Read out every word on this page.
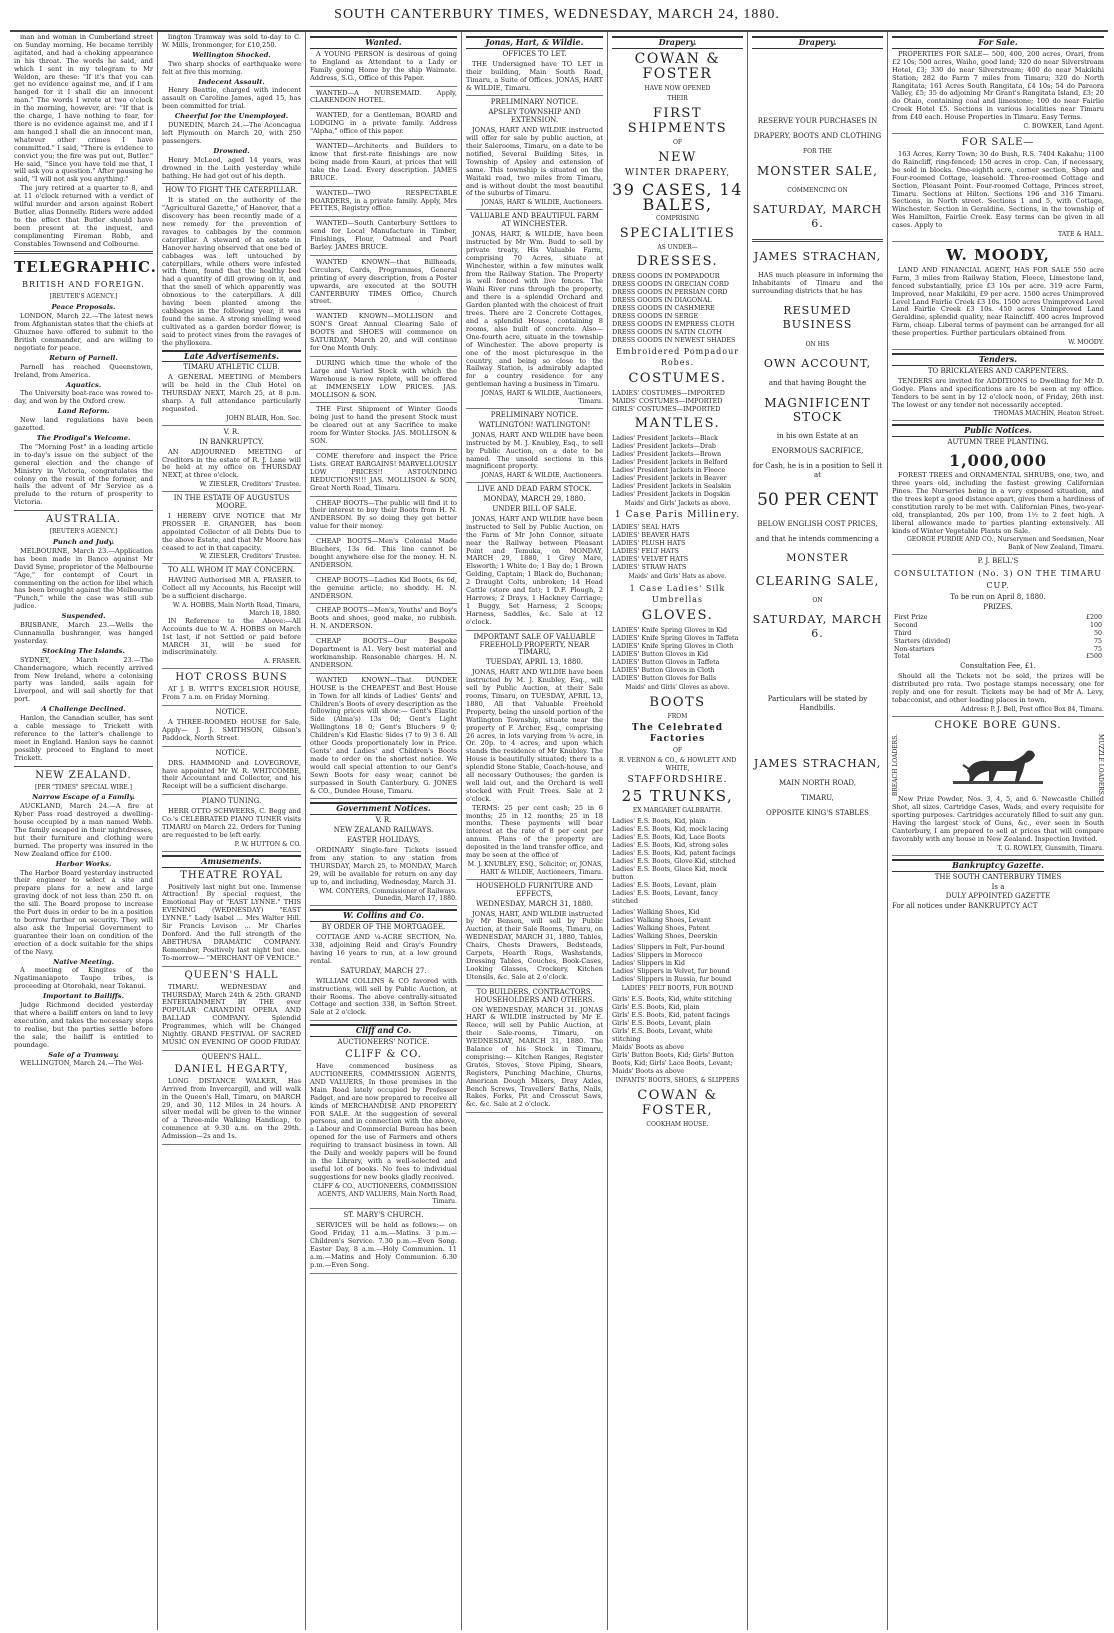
SOUTH CANTERBURY TIMES, WEDNESDAY, MARCH 24, 1880.

man and woman in Cumberland street on Sunday morning. He became terribly agitated, and had a choking appearance in his throat. The words he said, and which I sent in my telegram to Mr Weldon, are these: "If it's that you can get no evidence against me, and if I am hanged for it I shall die an innocent man." The words I wrote at two o'clock in the morning, however, are: "If that is the charge, I have nothing to fear, for there is no evidence against me, and if I am hanged I shall die an innocent man, whatever other crimes I have committed." I said, "There is evidence to convict you; the fire was put out, Butler." He said, "Since you have told me that, I will ask you a question." After pausing he said, "I will not ask you anything."

The jury retired at a quarter to 8, and at 11 o'clock returned with a verdict of wilful murder and arson against Robert Butler, alias Donnelly. Riders were added to the effect that Butler should have been present at the inquest, and complimenting Fireman Robb, and Constables Townsend and Colbourne.

TELEGRAPHIC.
BRITISH AND FOREIGN.
[REUTER'S AGENCY.]
Peace Proposals.

LONDON, March 22.—The latest news from Afghanistan states that the chiefs at Ghuznee have offered to submit to the British commander, and are willing to negotiate for peace.

Return of Parnell.

Parnell has reached Queenstown, Ireland, from America.

Aquatics.

The University boat-race was rowed to-day, and won by the Oxford crew.

Land Reform.

New land regulations have been gazetted.

The Prodigal's Welcome.

The "Morning Post" in a leading article in to-day's issue on the subject of the general election and the change of Ministry in Victoria, congratulates the colony on the result of the former, and hails the advent of Mr Service as a prelude to the return of prosperity to Victoria.

AUSTRALIA.
[REUTER'S AGENCY.]
Punch and Judy.

MELBOURNE, March 23.—Application has been made in Banco against Mr David Syme, proprietor of the Melbourne "Age," for contempt of Court in commenting on the action for libel which has been brought against the Melbourne "Punch," while the case was still sub judice.

Suspended.

BRISBANE, March 23.—Wells the Cunnamulla bushranger, was hanged yesterday.

Stocking The Islands.

SYDNEY, March 23.—The Chandernagore, which recently arrived from New Ireland, where a colonising party was landed, sails again for Liverpool, and will sail shortly for that port.

A Challenge Declined.

Hanlon, the Canadian sculler, has sent a cable message to Trickett with reference to the latter's challenge to meet in England. Hanlon says he cannot possibly proceed to England to meet Trickett.

NEW ZEALAND.
[PER "TIMES" SPECIAL WIRE.]
Narrow Escape of a Family.

AUCKLAND, March 24.—A fire at Kyber Pass road destroyed a dwelling-house occupied by a man named Webb. The family escaped in their nightdresses, but their furniture and clothing were burned. The property was insured in the New Zealand office for £100.

Harbor Works.

The Harbor Board yesterday instructed their engineer to select a site and prepare plans for a new and large graving dock of not less than 250 ft. on the sill. The Board propose to increase the Port dues in order to be in a position to borrow further on security. They will also ask the Imperial Government to guarantee their loan on condition of the erection of a dock suitable for the ships of the Navy.

Native Meeting.

A meeting of Kingites of the Ngatimaniapoto Taupo tribes, is proceeding at Otorohaki, near Tokanui.

Important to Bailiffs.

Judge Richmond decided yesterday that where a bailiff enters on land to levy execution, and takes the necessary steps to realise, but the parties settle before the sale, the bailiff is entitled to poundage.

Sale of a Tramway.

WELLINGTON, March 24.—The Wel-

lington Tramway was sold to-day to C. W. Mills, Ironmonger, for £10,250.

Wellington Shocked.

Two sharp shocks of earthquake were felt at five this morning.

Indecent Assault.

Henry Beattie, charged with indecent assault on Caroline James, aged 15, has been committed for trial.

Cheerful for the Unemployed.

DUNEDIN, March 24.—The Aconcagua left Plymouth on March 20, with 250 passengers.

Drowned.

Henry McLeod, aged 14 years, was drowned in the Leith yesterday while bathing. He had got out of his depth.

HOW TO FIGHT THE CATERPILLAR.

It is stated on the authority of the "Agricultural Gazette," of Hanover, that a discovery has been recently made of a new remedy for the prevention of ravages to cabbages by the common caterpillar. A steward of an estate in Hanover having observed that one bed of cabbages was left untouched by caterpillars, while others were infested with them, found that the healthy bed had a quantity of dill growing on it, and that the smell of which apparently was obnoxious to the caterpillars. A dill having been planted among the cabbages in the following year, it was found the same. A strong smelling weed cultivated as a garden border flower, is said to protect vines from the ravages of the phylloxera.

Late Advertisements.
TIMARU ATHLETIC CLUB.

A GENERAL MEETING of Members will be held in the Club Hotel on THURSDAY NEXT, March 25, at 8 p.m. sharp. A full attendance particularly requested.

JOHN BLAIR, Hon. Sec.
V. R.
IN BANKRUPTCY.

AN ADJOURNED MEETING of Creditors in the estate of R. J. Lane will be held at my office on THURSDAY NEXT, at three o'clock.

W. ZIESLER, Creditors' Trustee.
IN THE ESTATE OF AUGUSTUS MOORE.

I HEREBY GIVE NOTICE that Mr PROSSER E. GRANGER, has been appointed Collector of all Debts Due to the above Estate, and that Mr Moore has ceased to act in that capacity.

W. ZIESLER, Creditors' Trustee.
TO ALL WHOM IT MAY CONCERN.

HAVING Authorised MR A. FRASER to Collect all my Accounts, his Receipt will be a sufficient discharge.

W. A. HOBBS, Main North Road, Timaru, March 18, 1880.

IN Reference to the Above:—All Accounts due to W. A. HOBBS on March 1st last, if not Settled or paid before MARCH 31, will be sued for indiscriminately.

A. FRASER.
HOT CROSS BUNS

AT J. B. WITT'S EXCELSIOR HOUSE, From 7 a.m. on Friday Morning.

NOTICE.

A THREE-ROOMED HOUSE for Sale, Apply— J. J. SMITHSON, Gibson's Paddock, North Street.

NOTICE.

DRS. HAMMOND and LOVEGROVE, have appointed Mr W. R. WHITCOMBE, their Accountant and Collector, and his Receipt will be a sufficient discharge.

PIANO TUNING.

HERR OTTO SCHWEERS, C. Begg and Co.'s CELEBRATED PIANO TUNER visits TIMARU on March 22. Orders for Tuning are requested to be left early.

P. W. HUTTON & CO.
Amusements.
THEATRE ROYAL

Positively last night but one. Immense Attraction! By special request, the Emotional Play of "EAST LYNNE." THIS EVENING (WEDNESDAY) "EAST LYNNE." Lady Isabel ... Mrs Walter Hill. Sir Francis Levison ... Mr Charles Donford. And the full strength of the ABETHUSA DRAMATIC COMPANY. Remember, Positively last night but one. To-morrow— "MERCHANT OF VENICE."

QUEEN'S HALL

TIMARU. WEDNESDAY and THURSDAY, March 24th & 25th. GRAND ENTERTAINMENT BY THE ever POPULAR CARANDINI OPERA AND BALLAD COMPANY. Splendid Programmes, which will be Changed Nightly. GRAND FESTIVAL OF SACRED MUSIC ON EVENING OF GOOD FRIDAY.

QUEEN'S HALL.
DANIEL HEGARTY,

LONG DISTANCE WALKER, Has Arrived from Invercargill, and will walk in the Queen's Hall, Timaru, on MARCH 29, and 30, 112 Miles in 24 hours. A silver medal will be given to the winner of a Three-mile Walking Handicap, to commence at 9.30 a.m. on the 29th. Admission—2s and 1s.

Wanted.

A YOUNG PERSON is desirous of going to England as Attendant to a Lady or Family going Home by the ship Waimate. Address, S.G., Office of this Paper.

WANTED—A NURSEMAID. Apply, CLARENDON HOTEL.

WANTED, for a Gentleman, BOARD and LODGING in a private family. Address "Alpha," office of this paper.

WANTED—Architects and Builders to know that first-rate finishings are now being made from Kauri, at prices that will take the Lead. Every description. JAMES BRUCE.

WANTED—TWO RESPECTABLE BOARDERS, in a private family. Apply, Mrs FETTES, Registry office.

WANTED—South Canterbury Settlers to send for Local Manufacture in Timber, Finishings, Flour, Oatmeal and Pearl Barley. JAMES BRUCE.

WANTED KNOWN—that Billheads, Circulars, Cards, Programmes, General printing of every description, from a Poster upwards, are executed at the SOUTH CANTERBURY TIMES Office, Church street.

WANTED KNOWN—MOLLISON and SON'S Great Annual Clearing Sale of BOOTS and SHOES will commence on SATURDAY, March 20, and will continue for One Month Only.

DURING which time the whole of the Large and Varied Stock with which the Warehouse is now replete, will be offered at IMMENSELY LOW PRICES. JAS. MOLLISON & SON.

THE First Shipment of Winter Goods being just to hand the present Stock must be cleared out at any Sacrifice to make room for Winter Stocks. JAS. MOLLISON & SON.

COME therefore and inspect the Price Lists. GREAT BARGAINS! MARVELLOUSLY LOW PRICES!! ASTOUNDING REDUCTIONS!!! JAS. MOLLISON & SON, Great North Road, Timaru.

CHEAP BOOTS—The public will find it to their interest to buy their Boots from H. N. ANDERSON. By so doing they get better value for their money.

CHEAP BOOTS—Men's Colonial Made Bluchers, 13s 6d. This line cannot be bought anywhere else for the money. H. N. ANDERSON.

CHEAP BOOTS—Ladies Kid Boots, 6s 6d, the genuine article, no shoddy. H. N. ANDERSON.

CHEAP BOOTS—Men's, Youths' and Boy's Boots and shoes, good make, no rubbish. H. N. ANDERSON.

CHEAP BOOTS—Our Bespoke Department is A1. Very best material and workmanship. Reasonable charges. H. N. ANDERSON.

WANTED KNOWN—That DUNDEE HOUSE is the CHEAPEST and Best House in Town for all kinds of Ladies' Gents' and Children's Boots of every description as the following prices will show:— Gent's Elastic Side (Alma's) 13s 0d; Gent's Light Wellingtons 18 0; Gent's Bluchers 9 0; Children's Kid Elastic Sides (7 to 9) 3 6. All other Goods proportionately low in Price. Gents' and Ladies' and Children's Boots made to order on the shortest notice. We would call special attention to our Gent's Sewn Boots for easy wear, cannot be surpassed in South Canterbury. G. JONES & CO., Dundee House, Timaru.

Government Notices.
V. R.
NEW ZEALAND RAILWAYS.
EASTER HOLIDAYS.

ORDINARY Single-fare Tickets issued from any station to any station from THURSDAY, March 25, to MONDAY, March 29, will be available for return on any day up to, and including, Wednesday, March 31.

WM. CONYERS, Commissioner of Railways. Dunedin, March 17, 1880.
W. Collins and Co.
BY ORDER OF THE MORTGAGEE.

COTTAGE AND ¼-ACRE SECTION, No. 338, adjoining Reid and Gray's Foundry having 16 years to run, at a low ground rental.

SATURDAY, MARCH 27.

WILLIAM COLLINS & CO favored with instructions, will sell by Public Auction, at their Rooms. The above centrally-situated Cottage and section 338, in Sefton Street. Sale at 2 o'clock.

Cliff and Co.
AUCTIONEERS' NOTICE.
CLIFF & CO.

Have commenced business as AUCTIONEERS, COMMISSION AGENTS, AND VALUERS, In those premises in the Main Road lately occupied by Professor Padget, and are now prepared to receive all kinds of MERCHANDISE AND PROPERTY FOR SALE. At the suggestion of several persons, and in connection with the above, a Labour and Commercial Bureau has been opened for the use of Farmers and others requiring to transact business in town. All the Daily and weekly papers will be found in the Library, with a well-selected and useful lot of books. No fees to individual suggestions for new books gladly received.

CLIFF & CO., AUCTIONEERS, COMMISSION AGENTS, AND VALUERS, Main North Road, Timaru.
ST. MARY'S CHURCH.

SERVICES will be held as follows:— on Good Friday, 11 a.m.—Matins. 3 p.m.—Children's Service. 7.30 p.m.—Even Song. Easter Day, 8 a.m.—Holy Communion. 11 a.m.—Matins and Holy Communion. 6.30 p.m.—Even Song.

Jonas, Hart, & Wildie.
OFFICES TO LET.

THE Undersigned have TO LET in their building, Main South Road, Timaru, a Suite of Offices. JONAS, HART & WILDIE, Timaru.

PRELIMINARY NOTICE.
APSLEY TOWNSHIP AND EXTENSION.

JONAS, HART AND WILDIE instructed will offer for sale by public auction, at their Salerooms, Timaru, on a date to be notified, Several Building Sites, in Township of Apsley and extension of same. This township is situated on the Waitaki road, two miles from Timaru, and is without doubt the most beautiful of the suburbs of Timaru.

JONAS, HART & WILDIE, Auctioneers.
VALUABLE AND BEAUTIFUL FARM AT WINCHESTER.

JONAS, HART, & WILDIE, have been instructed by Mr Wm. Budd to sell by private treaty, His Valuable Farm, comprising 70 Acres, situate at Winchester, within a few minutes walk from the Railway Station. The Property is well fenced with live fences. The Waihi River runs through the property, and there is a splendid Orchard and Garden planted with the choicest of fruit trees. There are 2 Concrete Cottages, and a splendid House, containing 8 rooms, also built of concrete. Also— One-fourth acre, situate in the township of Winchester. The above property is one of the most picturesque in the country, and being so close to the Railway Station, is admirably adapted for a country residence for any gentleman having a business in Timaru.

JONAS, HART & WILDIE, Auctioneers, Timaru.
PRELIMINARY NOTICE.
WATLINGTON! WATLINGTON!

JONAS, HART AND WILDIE have been instructed by M. J. Knubley, Esq., to sell by Public Auction, on a date to be named. The unsold sections in this magnificent property.

JONAS, HART & WILDIE, Auctioneers.
LIVE AND DEAD FARM STOCK.
MONDAY, MARCH 29, 1880.
UNDER BILL OF SALE.

JONAS, HART AND WILDIE have been instructed to Sell by Public Auction, on the Farm of Mr John Connor, situate near the Railway between Pleasant Point and Temuka, on MONDAY, MARCH 29, 1880, 1 Grey Mare, Elsworth; 1 White do; 1 Bay do; 1 Brown Gelding, Captain; 1 Black do, Buchanan; 2 Draught Colts, unbroken; 14 Head Cattle (store and fat); 1 D.F. Plough, 2 Harrows; 2 Drays, 1 Hackney Carriage; 1 Buggy, Set Harness, 2 Scoops; Harness, Saddles, &c. Sale at 12 o'clock.

IMPORTANT SALE OF VALUABLE FREEHOLD PROPERTY, NEAR TIMARU,
TUESDAY, APRIL 13, 1880.

JONAS, HART AND WILDIE have been instructed by M. J. Knubley, Esq., will sell by Public Auction, at their Sale rooms, Timaru, on TUESDAY, APRIL 13, 1880, All that Valuable Freehold Property, being the unsold portion of the Watlington Township, situate near the property of F. Archer, Esq., comprising 26 acres, in lots varying from ¼ acre, in Or. 20p. to 4 acres, and upon which stands the residence of Mr Knubley. The House is beautifully situated; there is a splendid Stone Stable, Coach-house, and all necessary Outhouses; the garden is well laid out, and the Orchard is well stocked with Fruit Trees. Sale at 2 o'clock.

TERMS: 25 per cent cash; 25 in 6 months; 25 in 12 months; 25 in 18 months. These payments will bear interest at the rate of 8 per cent per annum. Plans of the property are deposited in the land transfer office, and may be seen at the office of

M. J. KNUBLEY, ESQ., Solicitor; or, JONAS, HART & WILDIE, Auctioneers, Timaru.
HOUSEHOLD FURNITURE AND EFFECTS,
WEDNESDAY, MARCH 31, 1880.

JONAS, HART, AND WILDIE instructed by Mr Benson, will sell by Public Auction, at their Sale Rooms, Timaru, on WEDNESDAY, MARCH 31, 1880, Tables, Chairs, Chests Drawers, Bedsteads, Carpets, Hearth Rugs, Washstands, Dressing Tables, Couches, Book-Cases, Looking Glasses, Crockery, Kitchen Utensils, &c. Sale at 2 o'clock.

TO BUILDERS, CONTRACTORS, HOUSEHOLDERS AND OTHERS.

ON WEDNESDAY, MARCH 31. JONAS HART & WILDIE instructed by Mr E. Reece, will sell by Public Auction, at their Sale-rooms, Timaru, on WEDNESDAY, MARCH 31, 1880. The Balance of his Stock in Timaru, comprising:— Kitchen Ranges, Register Grates, Stoves, Stove Piping, Shears, Registers, Punching Machine, Churns, American Dough Mixers, Dray Axles, Bench Screws, Travellers' Baths, Nails, Rakes, Forks, Pit and Crosscut Saws, &c. &c. Sale at 2 o'clock.

Drapery.
COWAN & FOSTER
HAVE NOW OPENED
THEIR
FIRST SHIPMENTS
OF
NEW
WINTER DRAPERY,
39 CASES, 14 BALES,
COMPRISING
SPECIALITIES
AS UNDER—
DRESSES.
DRESS GOODS IN POMPADOUR
DRESS GOODS IN GRECIAN CORD
DRESS GOODS IN PERSIAN CORD
DRESS GOODS IN DIAGONAL
DRESS GOODS IN CASHMERE
DRESS GOODS IN SERGE
DRESS GOODS IN EMPRESS CLOTH
DRESS GOODS IN SATIN CLOTH
DRESS GOODS IN NEWEST SHADES
Embroidered Pompadour Robes.
COSTUMES.
LADIES' COSTUMES—IMPORTED
MAIDS' COSTUMES—IMPORTED
GIRLS' COSTUMES—IMPORTED
MANTLES.
Ladies' President Jackets—Black
Ladies' President Jackets—Drab
Ladies' President Jackets—Brown
Ladies' President Jackets in Belford
Ladies' President Jackets in Fleece
Ladies' President Jackets in Beaver
Ladies' President Jackets in Sealskin
Ladies' President Jackets in Dogskin
Maids' and Girls' Jackets as above.
1 Case Paris Millinery.
LADIES' SEAL HATS
LADIES' BEAVER HATS
LADIES' PLUSH HATS
LADIES' FELT HATS
LADIES' VELVET HATS
LADIES' STRAW HATS
Maids' and Girls' Hats as above.
1 Case Ladies' Silk Umbrellas
GLOVES.
LADIES' Knife Spring Gloves in Kid
LADIES' Knife Spring Gloves in Taffeta
LADIES' Knife Spring Gloves in Cloth
LADIES' Button Gloves in Kid
LADIES' Button Gloves in Taffeta
LADIES' Button Gloves in Cloth
LADIES' Button Gloves for Balls
Maids' and Girls' Gloves as above.
BOOTS
FROM
The Celebrated Factories
OF
R. VERNON & CO., & HOWLETT AND WHITE,
STAFFORDSHIRE.
25 TRUNKS,
EX MARGARET GALBRAITH.
Ladies' E.S. Boots, Kid, plain
Ladies' E.S. Boots, Kid, mock lacing
Ladies' E.S. Boots, Kid, Lace Boots
Ladies' E.S. Boots, Kid, strong soles
Ladies' E.S. Boots, Kid, patent facings
Ladies' E.S. Boots, Glove Kid, stitched
Ladies' E.S. Boots, Glace Kid, mock button
Ladies' E.S. Boots, Levant, plain
Ladies' E.S. Boots, Levant, fancy stitched
Ladies' Walking Shoes, Kid
Ladies' Walking Shoes, Levant
Ladies' Walking Shoes, Patent
Ladies' Walking Shoes, Deerskin
Ladies' Slippers in Felt, Fur-bound
Ladies' Slippers in Morocco
Ladies' Slippers in Kid
Ladies' Slippers in Velvet, fur bound
Ladies' Slippers in Russia, fur bound
LADIES' FELT BOOTS, FUR BOUND
Girls' E.S. Boots, Kid, white stitching
Girls' E.S. Boots, Kid, plain
Girls' E.S. Boots, Kid, patent facings
Girls' E.S. Boots, Levant, plain
Girls' E.S. Boots, Levant, white stitching
Maids' Boots as above
Girls' Button Boots, Kid; Girls' Button Boots, Kid; Girls' Lace Boots, Levant; Maids' Boots as above
INFANTS' BOOTS, SHOES, & SLIPPERS
COWAN & FOSTER,
COOKHAM HOUSE.
Drapery.
RESERVE YOUR PURCHASES IN
DRAPERY, BOOTS AND CLOTHING
FOR THE
MONSTER SALE,
COMMENCING ON
SATURDAY, MARCH 6.
JAMES STRACHAN,

HAS much pleasure in informing the Inhabitants of Timaru and the surrounding districts that he has

RESUMED BUSINESS
ON HIS
OWN ACCOUNT,
and that having Bought the
MAGNIFICENT STOCK
in his own Estate at an
ENORMOUS SACRIFICE,
for Cash, he is in a position to Sell it at
50 PER CENT
BELOW ENGLISH COST PRICES,
and that he intends commencing a
MONSTER
CLEARING SALE,
ON
SATURDAY, MARCH 6.
Particulars will be stated by Handbills.
JAMES STRACHAN,
MAIN NORTH ROAD,
TIMARU,
OPPOSITE KING'S STABLES
For Sale.

PROPERTIES FOR SALE— 500, 400, 200 acres, Orari, from £2 10s; 500 acres, Waiho, good land; 320 do near Silverstream Hotel, £3; 330 do near Silverstream; 400 do near Makikihi Station; 282 do Farm 7 miles from Timaru; 320 do North Rangitata; 161 Acres South Rangitata, £4 10s; 54 do Pareora Valley, £5; 35 do adjoining Mr Grant's Rangitata Island, £3; 20 do Otaio, containing coal and limestone; 100 do near Fairlie Creek Hotel £5. Sections in various localities near Timaru from £40 each. House Properties in Timaru. Easy Terms.

C. BOWKER, Land Agent.
FOR SALE—

163 Acres, Kerry Town; 30 do Bush, R.S. 7404 Kakahu; 1100 do Raincliff, ring-fenced; 150 acres in crop. Can, if necessary, be sold in blocks. One-eighth acre, corner section, Shop and Four-roomed Cottage, leasehold. Three-roomed Cottage and Section, Pleasant Point. Four-roomed Cottage, Princes street, Timaru. Sections at Hilton. Sections 196 and 316 Timaru. Sections, in North street. Sections 1 and 5, with Cottage, Winchester. Section in Geraldine. Sections, in the township of Wes Hamilton, Fairlie Creek. Easy terms can be given in all cases. Apply to

TATE & HALL.
W. MOODY,

LAND AND FINANCIAL AGENT, HAS FOR SALE 550 acre Farm, 3 miles from Railway Station, Fleece, Limestone land, fenced substantially, price £3 10s per acre. 319 acre Farm, Improved, near Makikihi, £9 per acre. 1500 acres Unimproved Level Land Fairlie Creek £3 10s. 1500 acres Unimproved Level Land Fairlie Creek £3 10s. 450 acres Unimproved Land Geraldine, splendid quality, near Raincliff. 400 acres Improved Farm, cheap. Liberal terms of payment can be arranged for all these properties. Further particulars obtained from

W. MOODY.
Tenders.
TO BRICKLAYERS AND CARPENTERS.

TENDERS are invited for ADDITIONS to Dwelling for Mr D. Godye. Plans and specifications are to be seen at my office. Tenders to be sent in by 12 o'clock noon, of Friday, 26th inst. The lowest or any tender not necessarily accepted.

THOMAS MACHIN, Heaton Street.
Public Notices.
AUTUMN TREE PLANTING.
1,000,000

FOREST TREES and ORNAMENTAL SHRUBS, one, two, and three years old, including the fastest growing Californian Pines. The Nurseries being in a very exposed situation, and the trees kept a good distance apart, gives them a hardiness of constitution rarely to be met with. Californian Pines, two-year-old, transplanted, 20s per 100, from 1½ to 2 feet high. A liberal allowance made to parties planting extensively. All kinds of Winter Vegetable Plants on Sale.

GEORGE PURDIE AND CO., Nurserymen and Seedsmen, Near Bank of New Zealand, Timaru.
P. J. BELL'S
CONSULTATION (No. 3) ON THE TIMARU CUP.
To be run on April 8, 1880.
PRIZES.
First Prize	£200
Second	100
Third	50
Starters (divided)	75
Non-starters	75
Total	£500
Consultation Fee, £1.

Should all the Tickets not be sold, the prizes will be distributed pro rata. Two postage stamps necessary, one for reply and one for result. Tickets may be had of Mr A. Levy, tobacconist, and other leading places in town.

Address: P. J. Bell, Post office Box 84, Timaru.
CHOKE BORE GUNS.
BREACH LOADERS.	MUZZLE LOADERS.

New Prize Powder, Nos. 3, 4, 5, and 6. Newcastle Chilled Shot, all sizes. Cartridge Cases, Wads, and every requisite for sporting purposes. Cartridges accurately filled to suit any gun. Having the largest stock of Guns, &c., ever seen in South Canterbury, I am prepared to sell at prices that will compare favorably with any house in New Zealand. Inspection Invited.

T. G. ROWLEY, Gunsmith, Timaru.
Bankruptcy Gazette.
THE SOUTH CANTERBURY TIMES
Is a
DULY APPOINTED GAZETTE
For all notices under BANKRUPTCY ACT
